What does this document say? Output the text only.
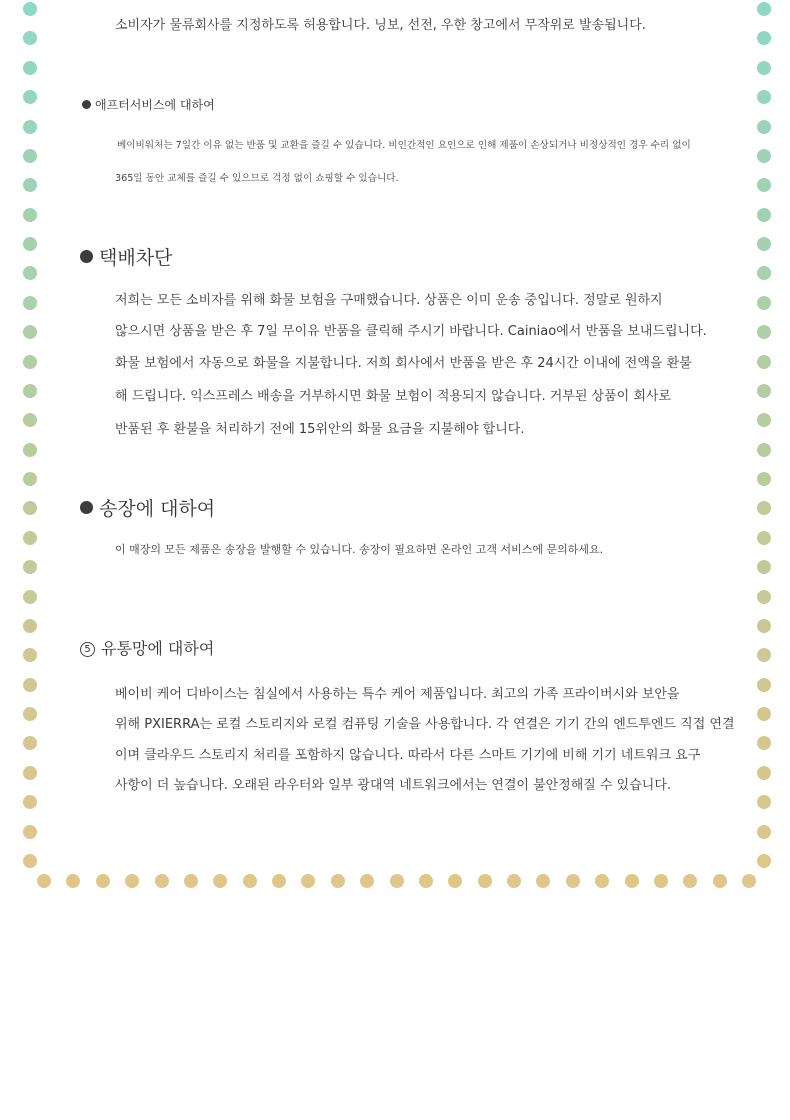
소비자가 물류회사를 지정하도록 허용합니다. 닝보, 선전, 우한 창고에서 무작위로 발송됩니다.

애프터서비스에 대하여

베이비워처는 7일간 이유 없는 반품 및 교환을 즐길 수 있습니다. 비인간적인 요인으로 인해 제품이 손상되거나 비정상적인 경우 수리 없이

365일 동안 교체를 즐길 수 있으므로 걱정 없이 쇼핑할 수 있습니다.

택배차단

저희는 모든 소비자를 위해 화물 보험을 구매했습니다. 상품은 이미 운송 중입니다. 정말로 원하지

않으시면 상품을 받은 후 7일 무이유 반품을 클릭해 주시기 바랍니다. Cainiao에서 반품을 보내드립니다.

화물 보험에서 자동으로 화물을 지불합니다. 저희 회사에서 반품을 받은 후 24시간 이내에 전액을 환불

해 드립니다. 익스프레스 배송을 거부하시면 화물 보험이 적용되지 않습니다. 거부된 상품이 회사로

반품된 후 환불을 처리하기 전에 15위안의 화물 요금을 지불해야 합니다.

송장에 대하여

이 매장의 모든 제품은 송장을 발행할 수 있습니다. 송장이 필요하면 온라인 고객 서비스에 문의하세요.

5 유통망에 대하여

베이비 케어 디바이스는 침실에서 사용하는 특수 케어 제품입니다. 최고의 가족 프라이버시와 보안을

위해 PXIERRA는 로컬 스토리지와 로컬 컴퓨팅 기술을 사용합니다. 각 연결은 기기 간의 엔드투엔드 직접 연결

이며 클라우드 스토리지 처리를 포함하지 않습니다. 따라서 다른 스마트 기기에 비해 기기 네트워크 요구

사항이 더 높습니다. 오래된 라우터와 일부 광대역 네트워크에서는 연결이 불안정해질 수 있습니다.
